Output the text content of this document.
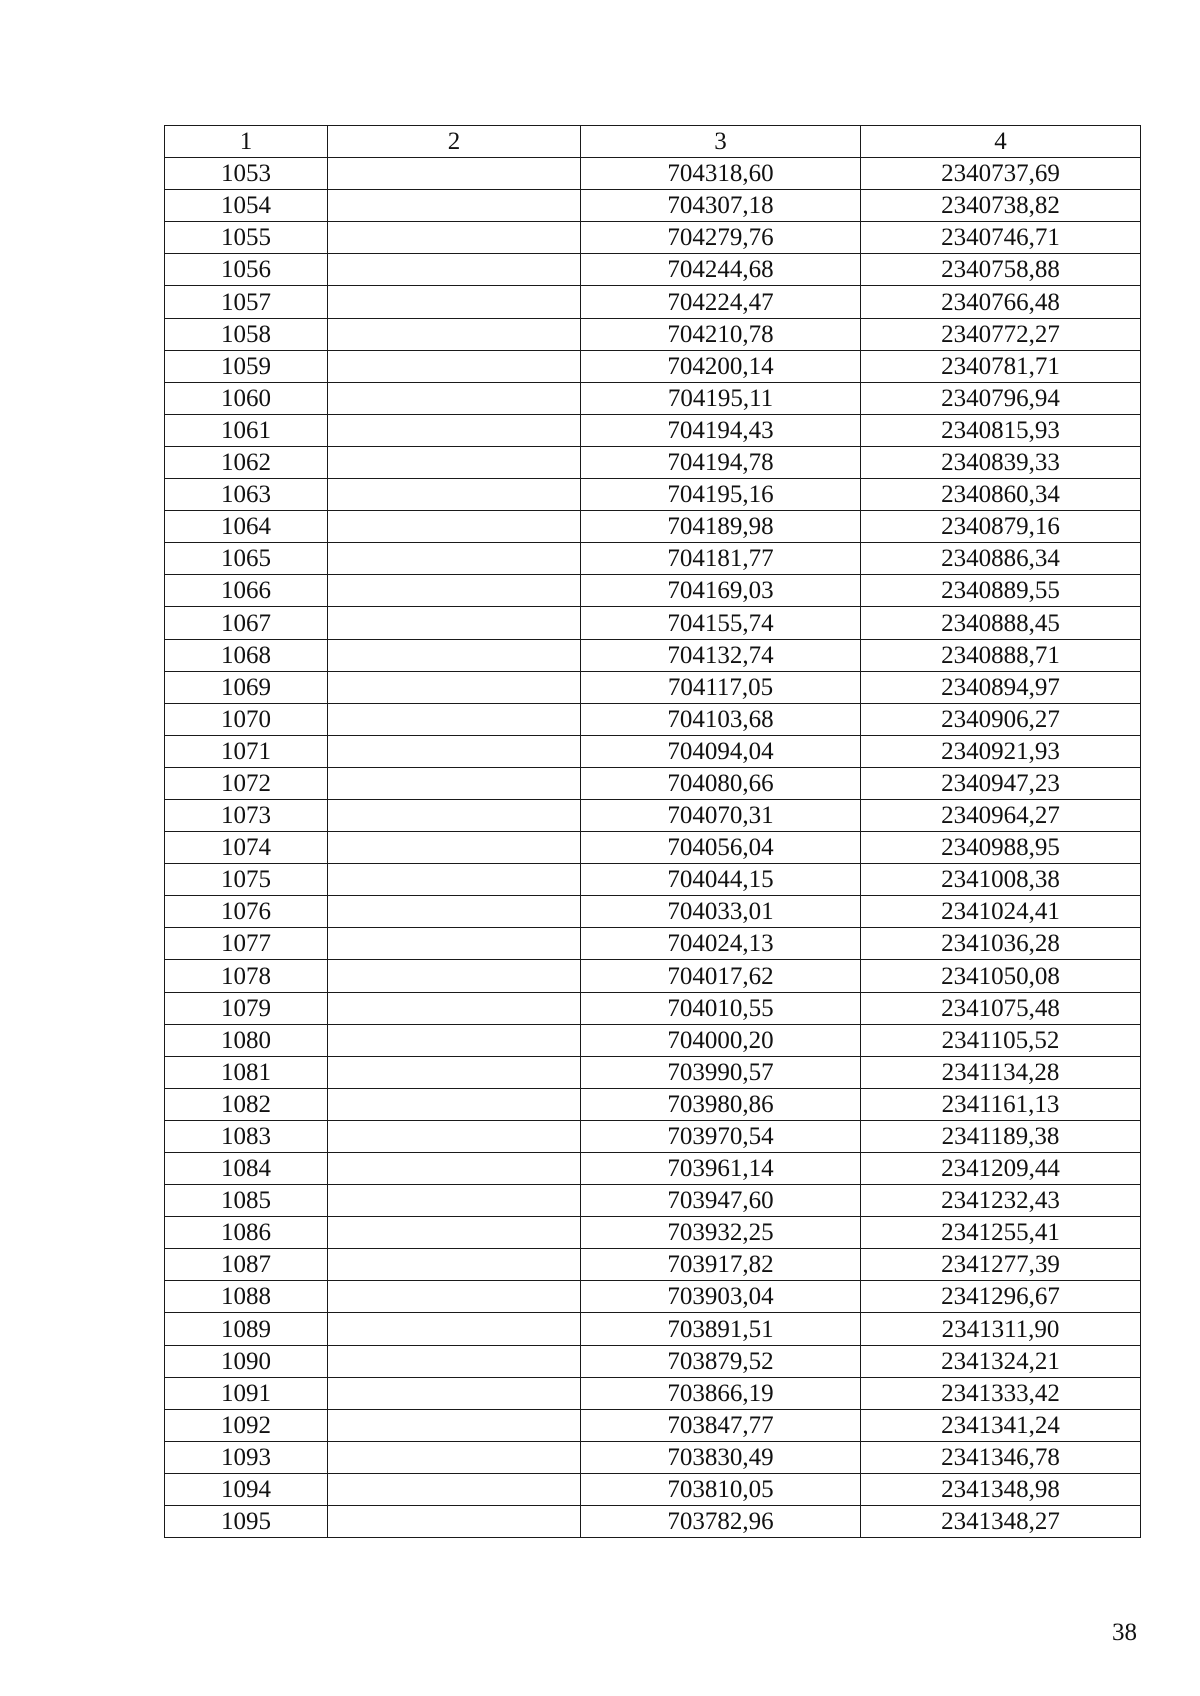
1	2	3	4
1053		704318,60	2340737,69
1054		704307,18	2340738,82
1055		704279,76	2340746,71
1056		704244,68	2340758,88
1057		704224,47	2340766,48
1058		704210,78	2340772,27
1059		704200,14	2340781,71
1060		704195,11	2340796,94
1061		704194,43	2340815,93
1062		704194,78	2340839,33
1063		704195,16	2340860,34
1064		704189,98	2340879,16
1065		704181,77	2340886,34
1066		704169,03	2340889,55
1067		704155,74	2340888,45
1068		704132,74	2340888,71
1069		704117,05	2340894,97
1070		704103,68	2340906,27
1071		704094,04	2340921,93
1072		704080,66	2340947,23
1073		704070,31	2340964,27
1074		704056,04	2340988,95
1075		704044,15	2341008,38
1076		704033,01	2341024,41
1077		704024,13	2341036,28
1078		704017,62	2341050,08
1079		704010,55	2341075,48
1080		704000,20	2341105,52
1081		703990,57	2341134,28
1082		703980,86	2341161,13
1083		703970,54	2341189,38
1084		703961,14	2341209,44
1085		703947,60	2341232,43
1086		703932,25	2341255,41
1087		703917,82	2341277,39
1088		703903,04	2341296,67
1089		703891,51	2341311,90
1090		703879,52	2341324,21
1091		703866,19	2341333,42
1092		703847,77	2341341,24
1093		703830,49	2341346,78
1094		703810,05	2341348,98
1095		703782,96	2341348,27
38
